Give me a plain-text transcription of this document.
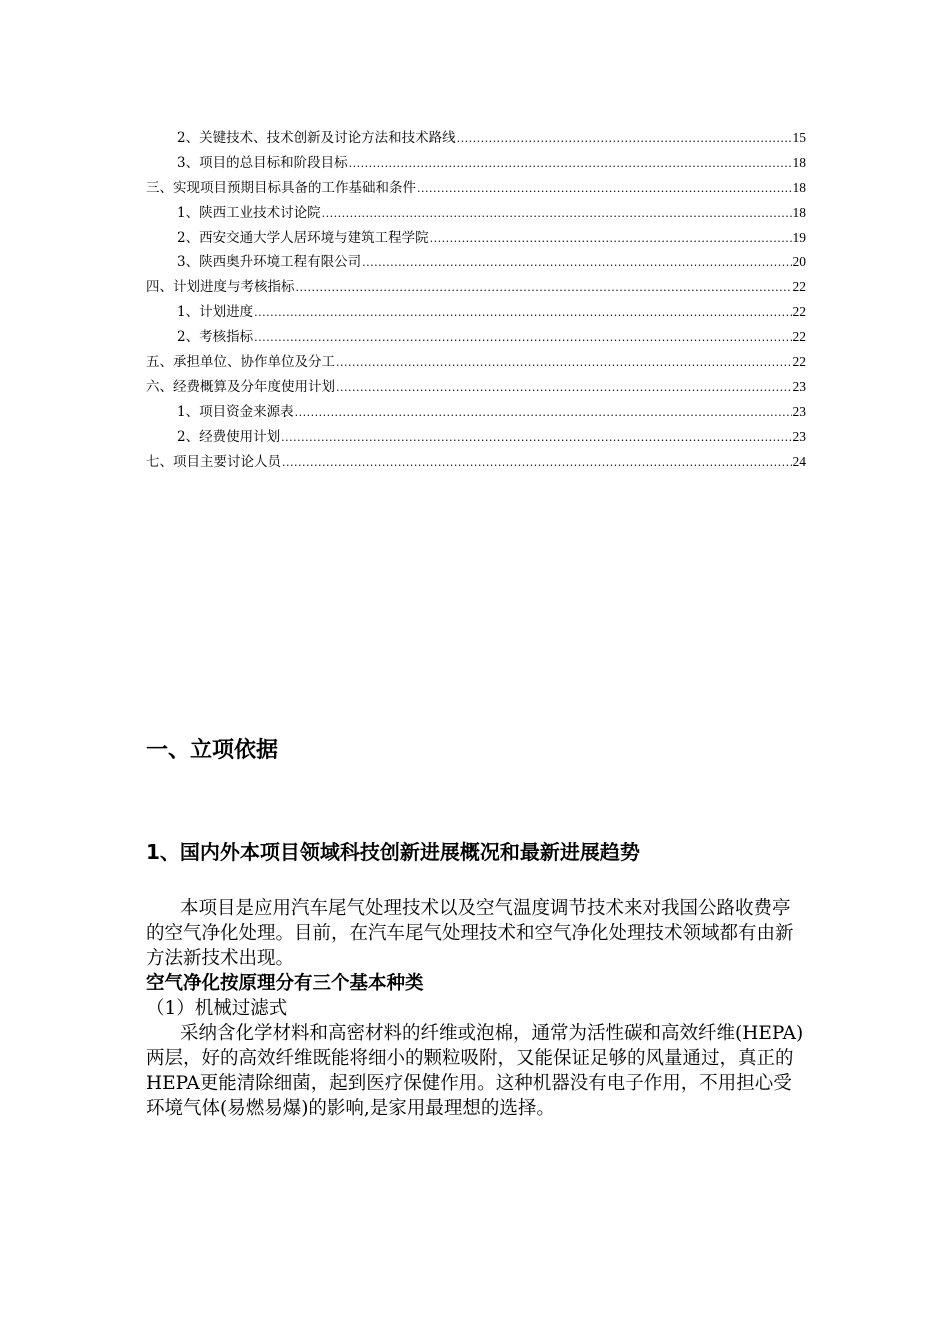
2、关键技术、技术创新及讨论方法和技术路线 .....	15
3、项目的总目标和阶段目标 .....	18
三、实现项目预期目标具备的工作基础和条件 .....	18
1、陕西工业技术讨论院 .....	18
2、西安交通大学人居环境与建筑工程学院 .....	19
3、陕西奥升环境工程有限公司 .....	20
四、计划进度与考核指标 .....	22
1、计划进度 .....	22
2、考核指标 .....	22
五、承担单位、协作单位及分工 .....	22
六、经费概算及分年度使用计划 .....	23
1、项目资金来源表 .....	23
2、经费使用计划 .....	23
七、项目主要讨论人员 .....	24
一、立项依据
1、国内外本项目领域科技创新进展概况和最新进展趋势

本项目是应用汽车尾气处理技术以及空气温度调节技术来对我国公路收费亭的空气净化处理。目前，在汽车尾气处理技术和空气净化处理技术领域都有由新方法新技术出现。

空气净化按原理分有三个基本种类

（1）机械过滤式

采纳含化学材料和高密材料的纤维或泡棉，通常为活性碳和高效纤维(HEPA)两层，好的高效纤维既能将细小的颗粒吸附，又能保证足够的风量通过，真正的HEPA更能清除细菌，起到医疗保健作用。这种机器没有电子作用，不用担心受环境气体(易燃易爆)的影响,是家用最理想的选择。
